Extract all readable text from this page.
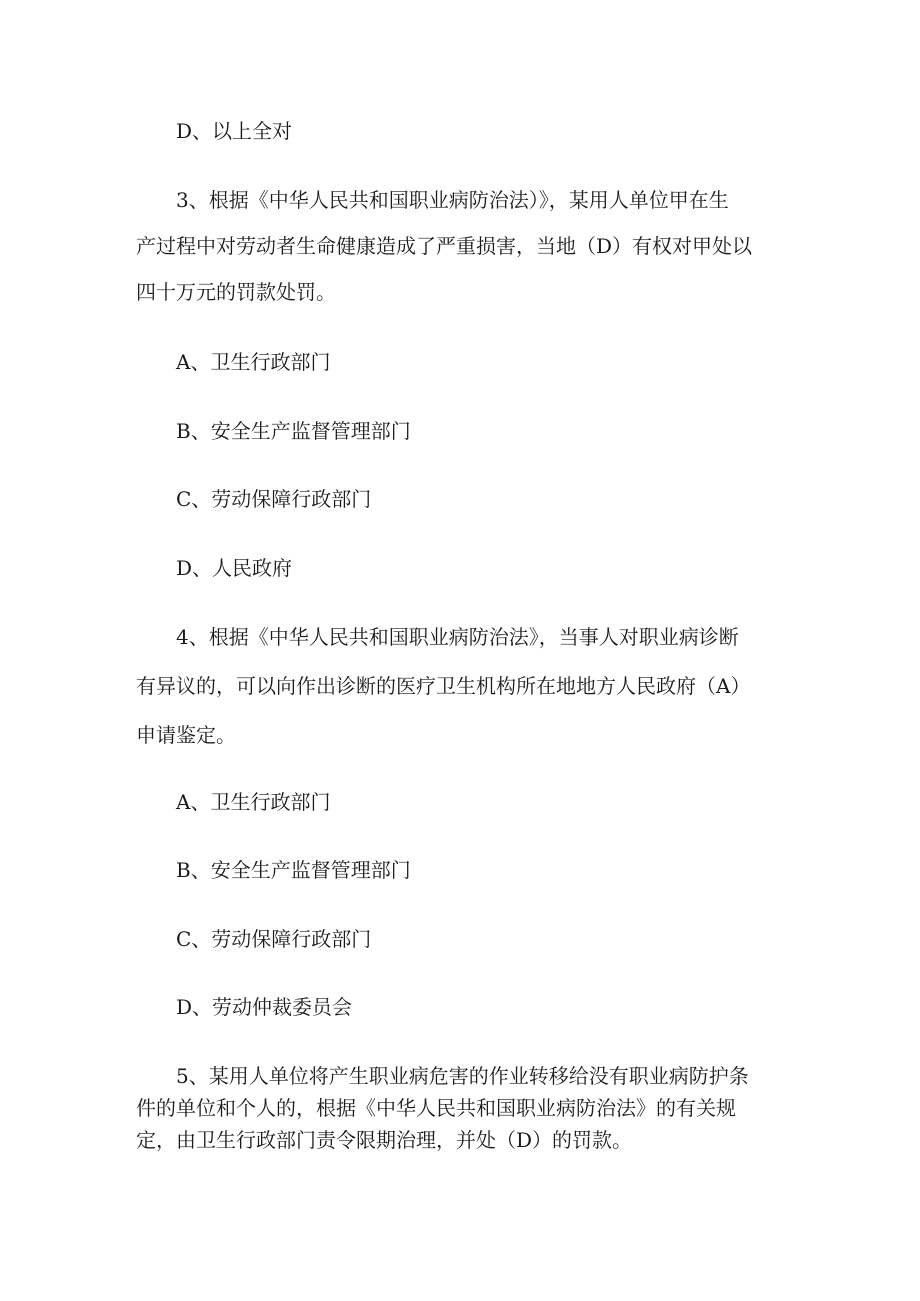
D、以上全对
3、根据《中华人民共和国职业病防治法）》，某用人单位甲在生
产过程中对劳动者生命健康造成了严重损害，当地（D）有权对甲处以
四十万元的罚款处罚。
A、卫生行政部门
B、安全生产监督管理部门
C、劳动保障行政部门
D、人民政府
4、根据《中华人民共和国职业病防治法》，当事人对职业病诊断
有异议的，可以向作出诊断的医疗卫生机构所在地地方人民政府（A）
申请鉴定。
A、卫生行政部门
B、安全生产监督管理部门
C、劳动保障行政部门
D、劳动仲裁委员会
5、某用人单位将产生职业病危害的作业转移给没有职业病防护条
件的单位和个人的，根据《中华人民共和国职业病防治法》的有关规
定，由卫生行政部门责令限期治理，并处（D）的罚款。
